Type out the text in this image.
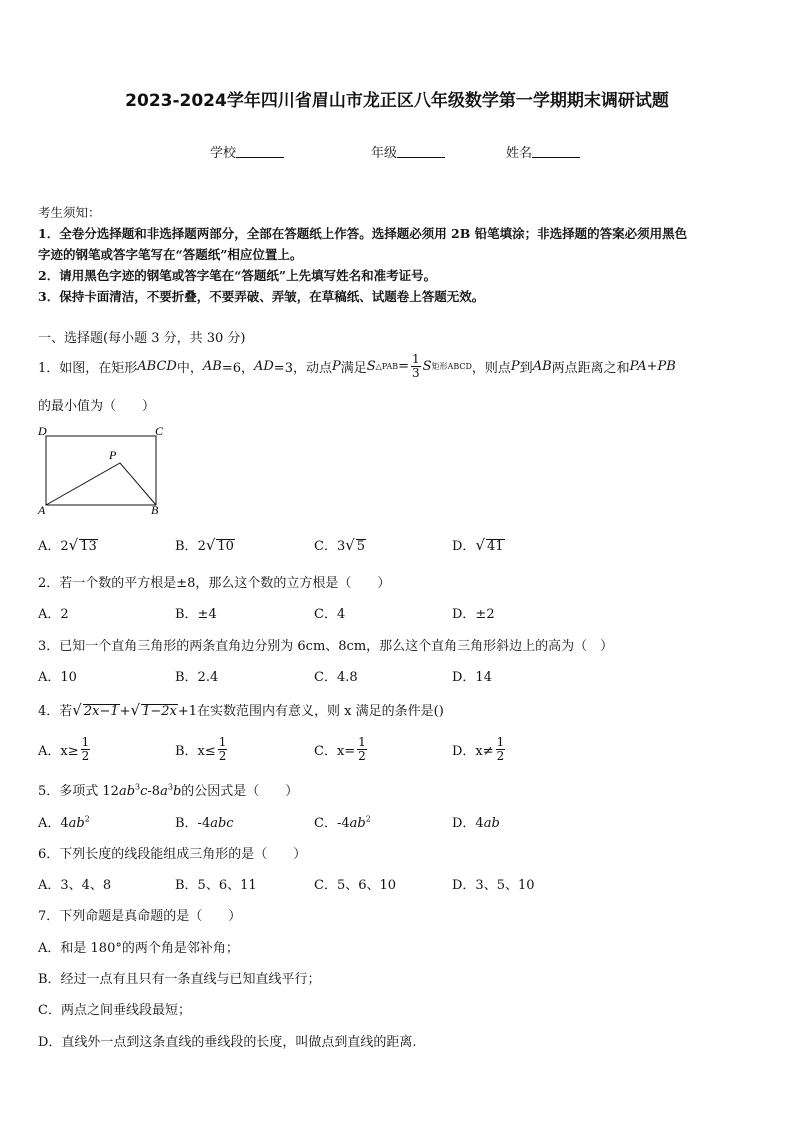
2023-2024学年四川省眉山市龙正区八年级数学第一学期期末调研试题
学校	年级	姓名
考生须知：
1．全卷分选择题和非选择题两部分，全部在答题纸上作答。选择题必须用 2B 铅笔填涂；非选择题的答案必须用黑色
字迹的钢笔或答字笔写在“答题纸”相应位置上。
2．请用黑色字迹的钢笔或答字笔在“答题纸”上先填写姓名和准考证号。
3．保持卡面清洁，不要折叠，不要弄破、弄皱，在草稿纸、试题卷上答题无效。
一、选择题(每小题 3 分，共 30 分)
1．如图，在矩形 ABCD 中， AB =6， AD =3，动点 P 满足 S △PAB = $\frac{1}{3}$ S 矩形ABCD ，则点 P 到 A B 两点距离之和 PA + PB
的最小值为（　　）
D	C
P
A	B
A．2√ 13	B．2√ 10	C．3√ 5	D．√ 41
2．若一个数的平方根是±8，那么这个数的立方根是（　　）
A．2	B．±4	C．4	D．±2
3．已知一个直角三角形的两条直角边分别为 6cm、8cm，那么这个直角三角形斜边上的高为（　）
A．10	B．2.4	C．4.8	D．14
4．若√ 2x−1+√ 1−2x+1在实数范围内有意义，则 x 满足的条件是()
A．$x\ge \frac{1}{2}$	B．$x\le \frac{1}{2}$	C．$x= \frac{1}{2}$	D．$x\ne \frac{1}{2}$
5．多项式 $12ab^3c-8a^3b$的公因式是（　　）
A．$4ab^2$	B．-4abc	C．$-4ab^2$	D．4ab
6．下列长度的线段能组成三角形的是（　　）
A．3、4、8	B．5、6、11	C．5、6、10	D．3、5、10
7．下列命题是真命题的是（　　）
A．和是 180°的两个角是邻补角；
B．经过一点有且只有一条直线与已知直线平行；
C．两点之间垂线段最短；
D．直线外一点到这条直线的垂线段的长度，叫做点到直线的距离.
